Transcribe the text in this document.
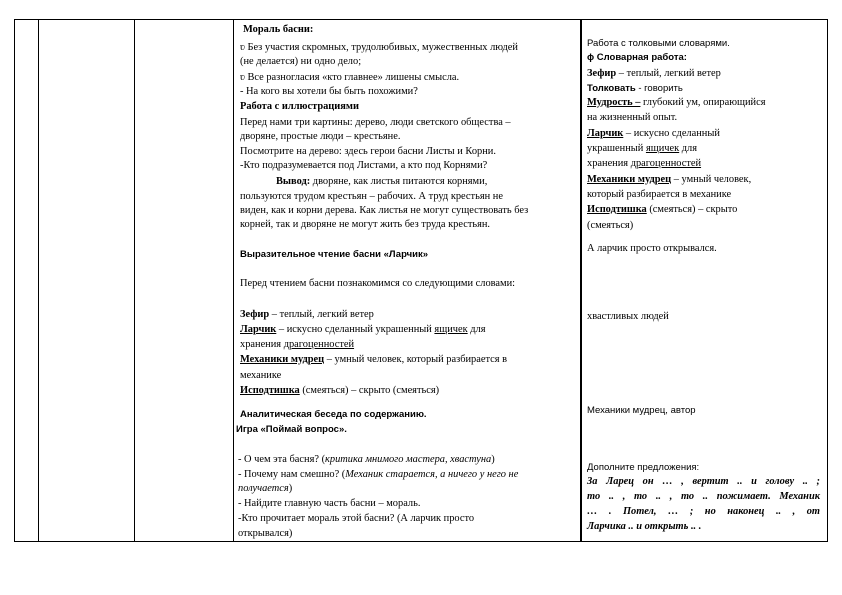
Мораль басни:
ʋ Без участия скромных, трудолюбивых, мужественных людей
(не делается) ни одно дело;
ʋ Все разногласия «кто главнее» лишены смысла.
- На кого вы хотели бы быть похожими?
Работа с иллюстрациями
Перед нами три картины: дерево, люди светского общества –
дворяне, простые люди – крестьяне.
Посмотрите на дерево: здесь герои басни Листы и Корни.
-Кто подразумевается под Листами, а кто под Корнями?
Вывод: дворяне, как листья питаются корнями,
пользуются трудом крестьян – рабочих. А труд крестьян не
виден, как и корни дерева. Как листья не могут существовать без
корней, так и дворяне не могут жить без труда крестьян.
Выразительное чтение басни «Ларчик»
Перед чтением басни познакомимся со следующими словами:
Зефир – теплый, легкий ветер
Ларчик – искусно сделанный украшенный ящичек для
хранения драгоценностей
Механики мудрец – умный человек, который разбирается в
механике
Исподтишка (смеяться) – скрыто (смеяться)
Аналитическая беседа по содержанию.
Игра «Поймай вопрос».
- О чем эта басня? (критика мнимого мастера, хвастуна)
- Почему нам смешно? (Механик старается, а ничего у него не
получается)
- Найдите главную часть басни – мораль.
-Кто прочитает мораль этой басни? (А ларчик просто
открывался)
Работа с толковыми словарями.
ɸ Словарная работа:
Зефир – теплый, легкий ветер
Толковать - говорить
Мудрость – глубокий ум, опирающийся
на жизненный опыт.
Ларчик – искусно сделанный
украшенный ящичек для
хранения драгоценностей
Механики мудрец – умный человек,
который разбирается в механике
Исподтишка (смеяться) – скрыто
(смеяться)
А ларчик просто открывался.
хвастливых людей
Механики мудрец, автор
Дополните предложения:
За Ларец он … , вертит .. и голову .. ;
то .. , то .. , то .. пожимает. Механик
… . Потел, … ; но наконец .. , от
Ларчика .. и открыть .. .
